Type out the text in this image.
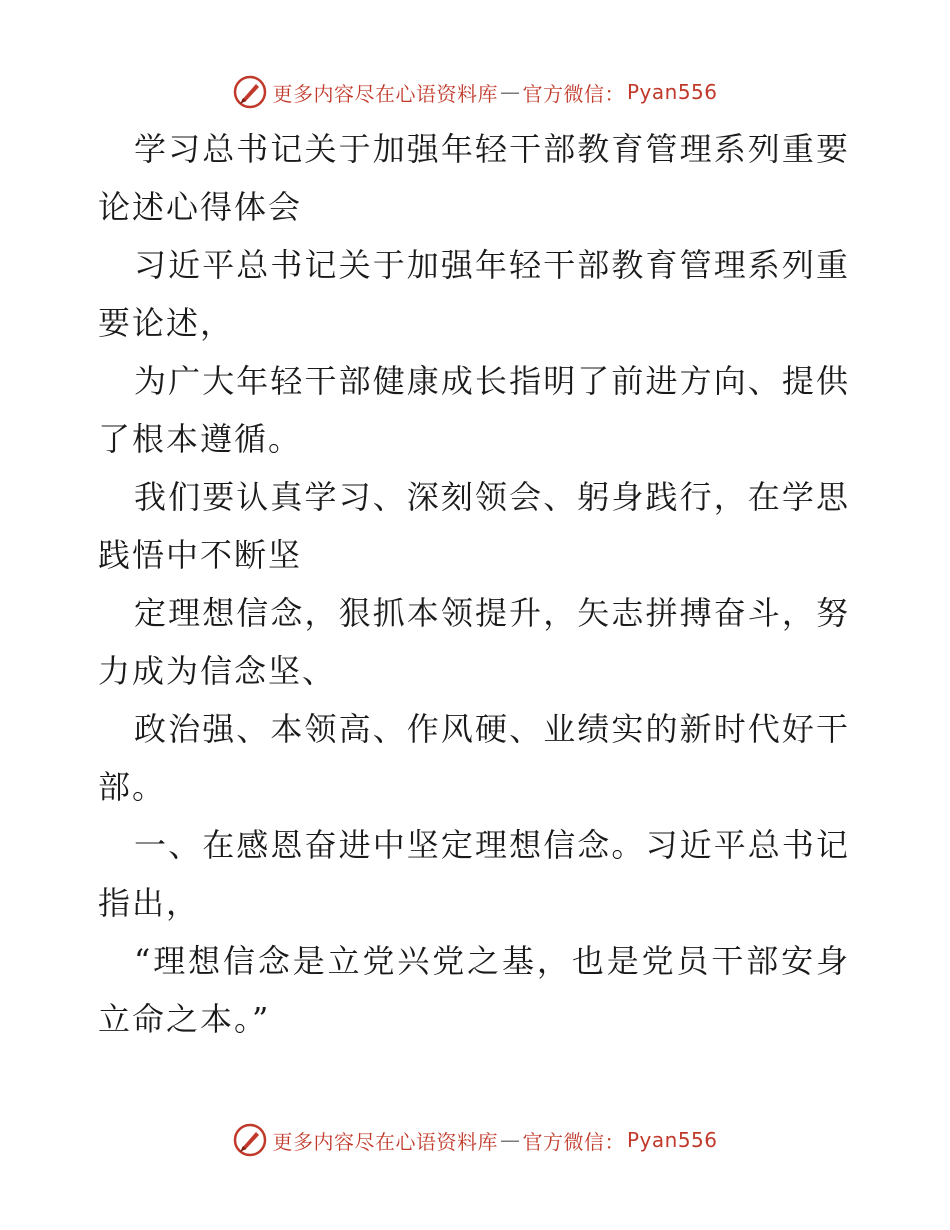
更多内容尽在心语资料库 — 官方微信： Pyan556

学习总书记关于加强年轻干部教育管理系列重要论述心得体会

习近平总书记关于加强年轻干部教育管理系列重要论述，

为广大年轻干部健康成长指明了前进方向、提供了根本遵循。

我们要认真学习、深刻领会、躬身践行，在学思践悟中不断坚

定理想信念，狠抓本领提升，矢志拼搏奋斗，努力成为信念坚、

政治强、本领高、作风硬、业绩实的新时代好干部。

一、在感恩奋进中坚定理想信念。习近平总书记指出，

“理想信念是立党兴党之基，也是党员干部安身立命之本。”

更多内容尽在心语资料库 — 官方微信： Pyan556
